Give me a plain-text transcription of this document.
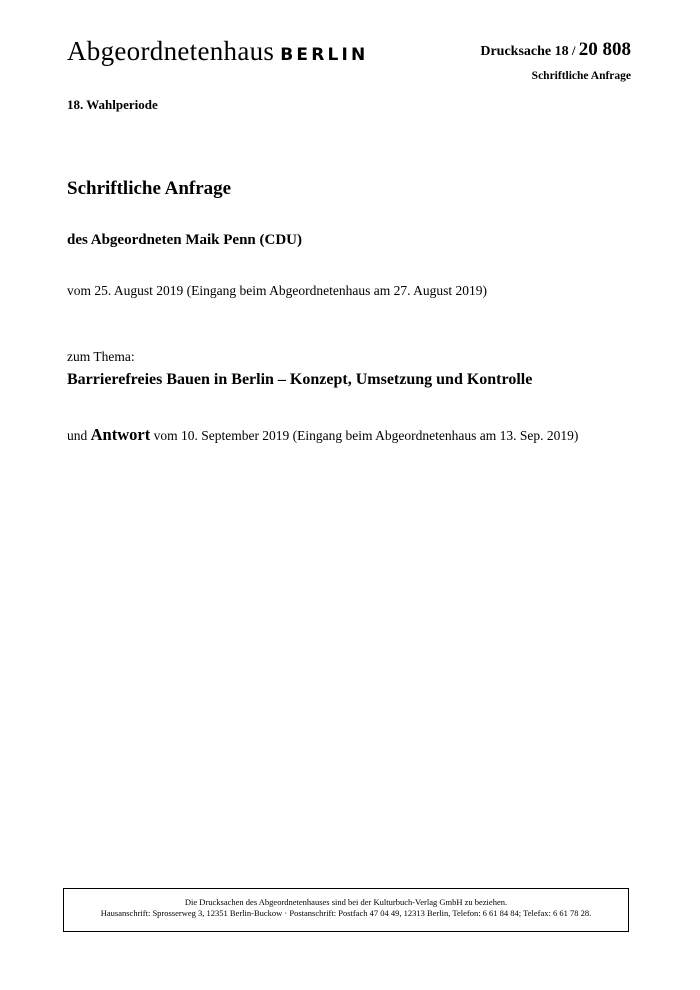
Abgeordnetenhaus BERLIN
18. Wahlperiode
Drucksache 18 / 20 808
Schriftliche Anfrage
Schriftliche Anfrage
des Abgeordneten Maik Penn (CDU)
vom 25. August 2019 (Eingang beim Abgeordnetenhaus am 27. August 2019)
zum Thema:
Barrierefreies Bauen in Berlin – Konzept, Umsetzung und Kontrolle
und Antwort vom 10. September 2019 (Eingang beim Abgeordnetenhaus am 13. Sep. 2019)
Die Drucksachen des Abgeordnetenhauses sind bei der Kulturbuch-Verlag GmbH zu beziehen.
Hausanschrift: Sprosserweg 3, 12351 Berlin-Buckow · Postanschrift: Postfach 47 04 49, 12313 Berlin, Telefon: 6 61 84 84; Telefax: 6 61 78 28.
